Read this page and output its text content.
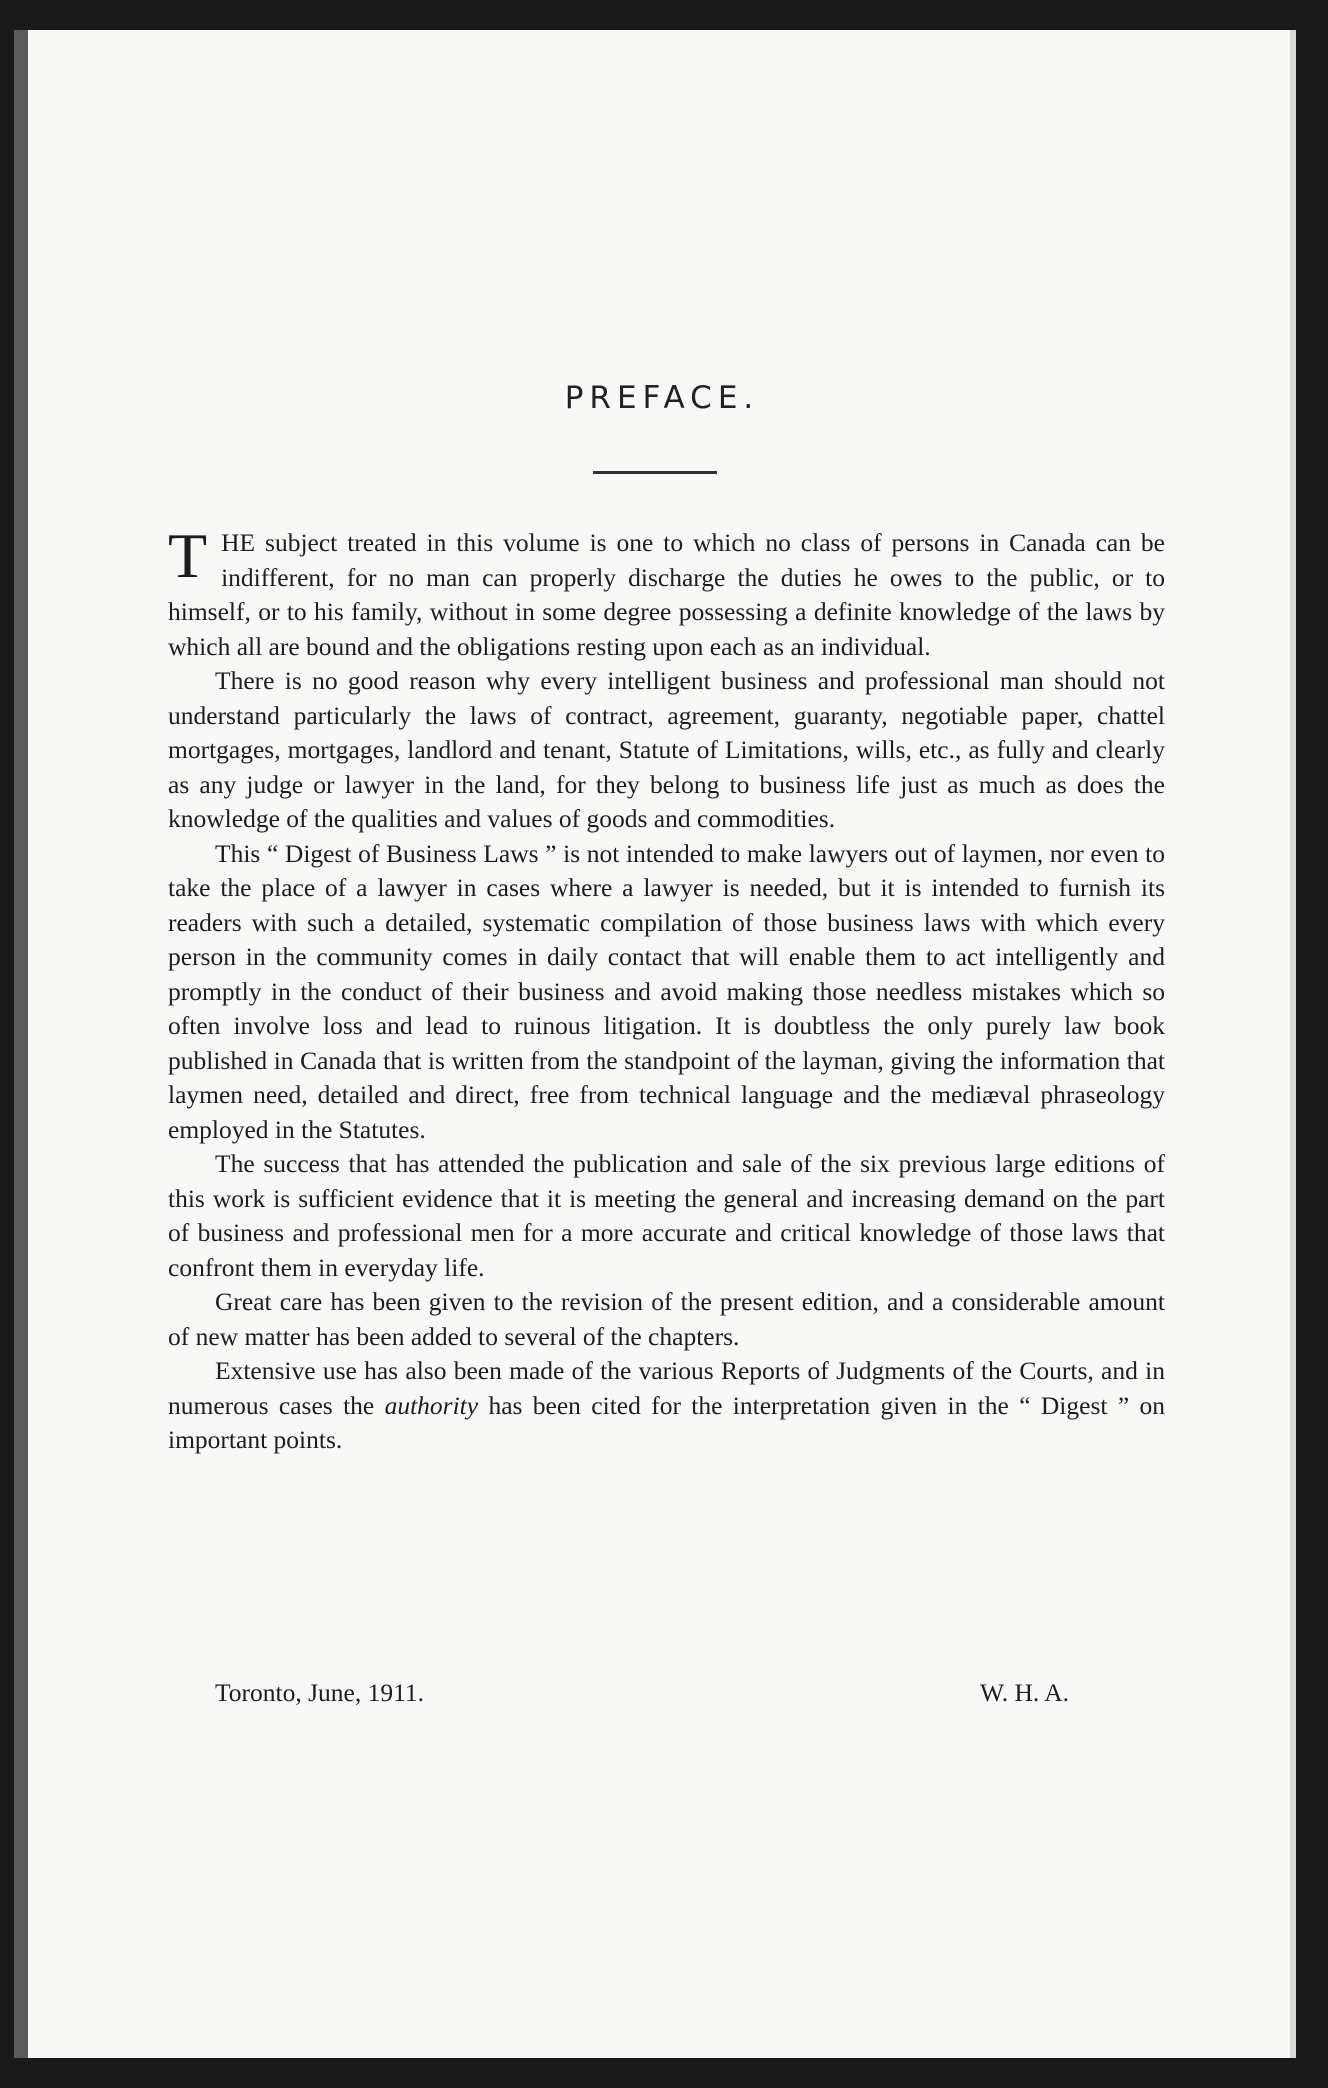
PREFACE.

THE subject treated in this volume is one to which no class of persons in Canada can be indifferent, for no man can properly discharge the duties he owes to the public, or to himself, or to his family, without in some degree possessing a definite knowledge of the laws by which all are bound and the obligations resting upon each as an individual.

There is no good reason why every intelligent business and professional man should not understand particularly the laws of contract, agreement, guaranty, negotiable paper, chattel mortgages, mortgages, landlord and tenant, Statute of Limitations, wills, etc., as fully and clearly as any judge or lawyer in the land, for they belong to business life just as much as does the knowledge of the qualities and values of goods and commodities.

This “ Digest of Business Laws ” is not intended to make lawyers out of laymen, nor even to take the place of a lawyer in cases where a lawyer is needed, but it is intended to furnish its readers with such a detailed, systematic compilation of those business laws with which every person in the community comes in daily contact that will enable them to act intelligently and promptly in the conduct of their business and avoid making those needless mistakes which so often involve loss and lead to ruinous litigation. It is doubtless the only purely law book published in Canada that is written from the standpoint of the layman, giving the information that laymen need, detailed and direct, free from technical language and the mediæval phraseology employed in the Statutes.

The success that has attended the publication and sale of the six previous large editions of this work is sufficient evidence that it is meeting the general and increasing demand on the part of business and professional men for a more accurate and critical knowledge of those laws that confront them in everyday life.

Great care has been given to the revision of the present edition, and a considerable amount of new matter has been added to several of the chapters.

Extensive use has also been made of the various Reports of Judgments of the Courts, and in numerous cases the authority has been cited for the interpretation given in the “ Digest ” on important points.

Toronto, June, 1911.	W. H. A.
